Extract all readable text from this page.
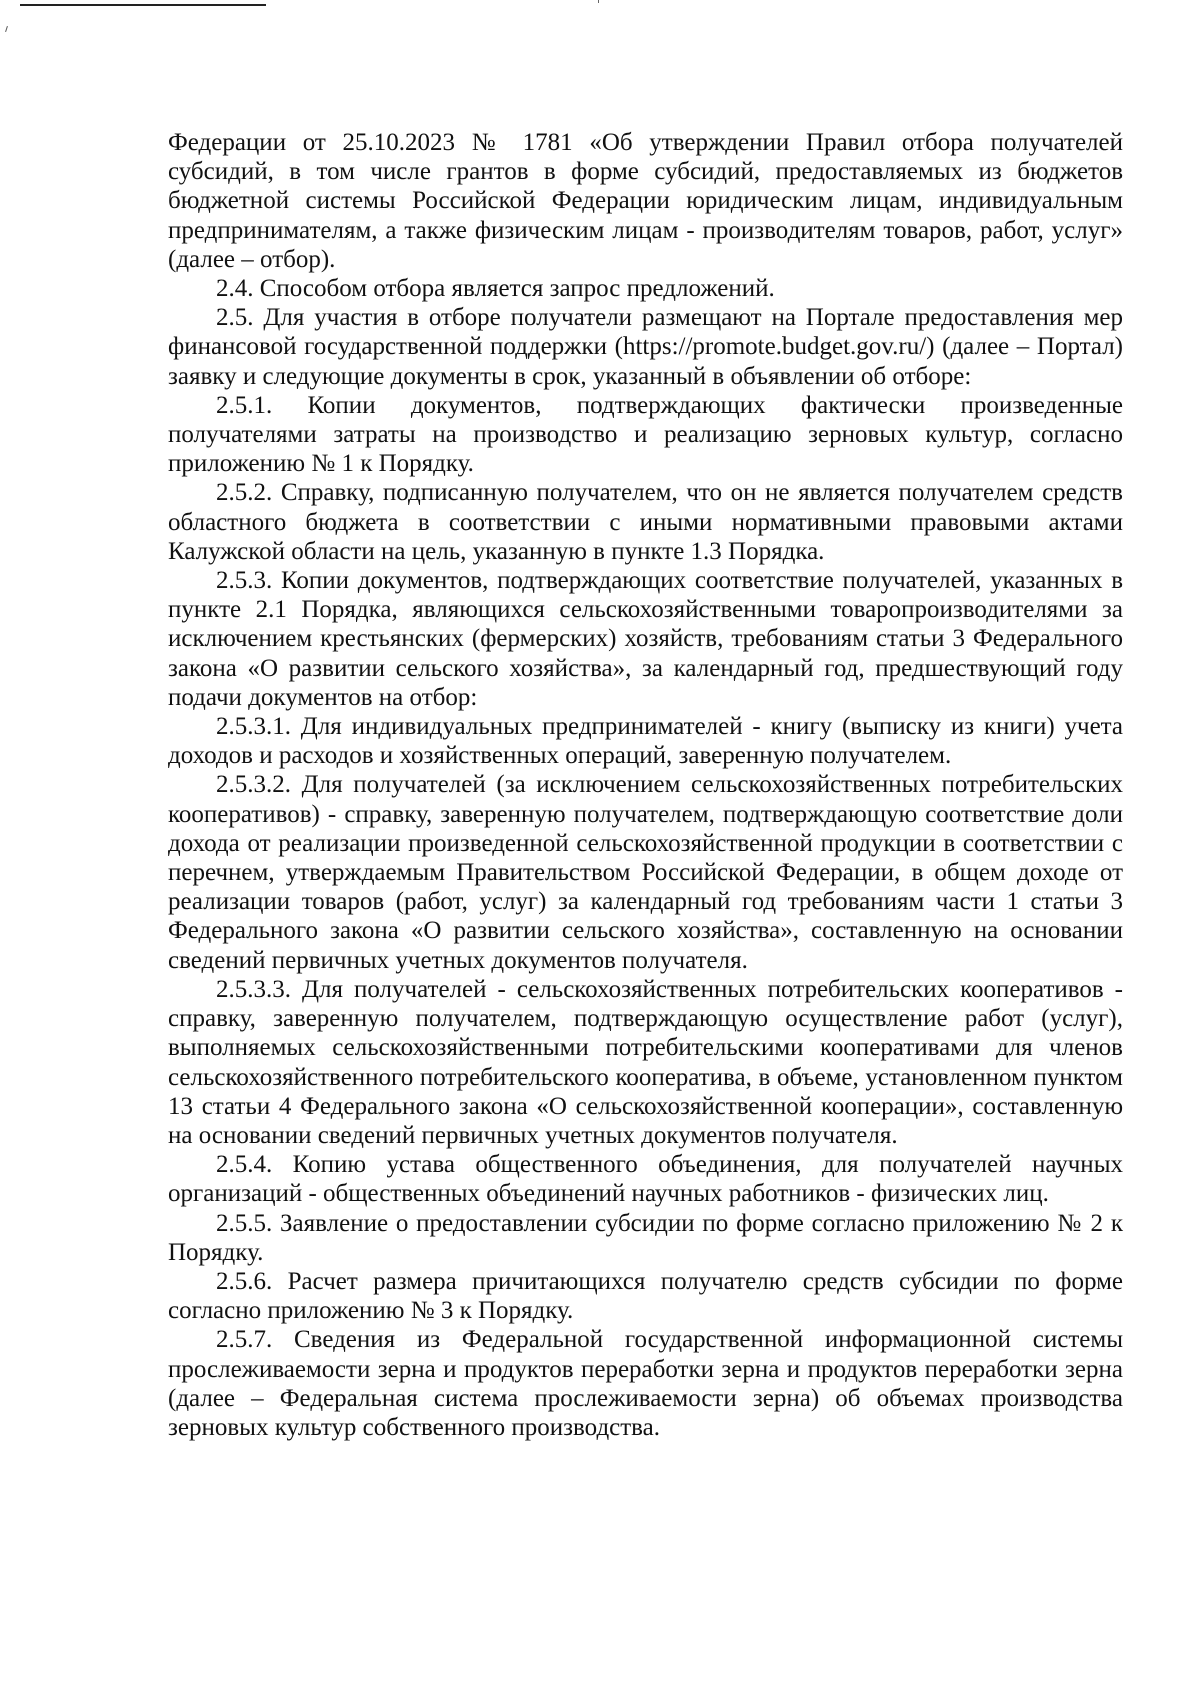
Федерации от 25.10.2023 № 1781 «Об утверждении Правил отбора получателей субсидий, в том числе грантов в форме субсидий, предоставляемых из бюджетов бюджетной системы Российской Федерации юридическим лицам, индивидуальным предпринимателям, а также физическим лицам - производителям товаров, работ, услуг» (далее – отбор).

2.4. Способом отбора является запрос предложений.

2.5. Для участия в отборе получатели размещают на Портале предоставления мер финансовой государственной поддержки (https://promote.budget.gov.ru/) (далее – Портал) заявку и следующие документы в срок, указанный в объявлении об отборе:

2.5.1. Копии документов, подтверждающих фактически произведенные получателями затраты на производство и реализацию зерновых культур, согласно приложению № 1 к Порядку.

2.5.2. Справку, подписанную получателем, что он не является получателем средств областного бюджета в соответствии с иными нормативными правовыми актами Калужской области на цель, указанную в пункте 1.3 Порядка.

2.5.3. Копии документов, подтверждающих соответствие получателей, указанных в пункте 2.1 Порядка, являющихся сельскохозяйственными товаропроизводителями за исключением крестьянских (фермерских) хозяйств, требованиям статьи 3 Федерального закона «О развитии сельского хозяйства», за календарный год, предшествующий году подачи документов на отбор:

2.5.3.1. Для индивидуальных предпринимателей - книгу (выписку из книги) учета доходов и расходов и хозяйственных операций, заверенную получателем.

2.5.3.2. Для получателей (за исключением сельскохозяйственных потребительских кооперативов) - справку, заверенную получателем, подтверждающую соответствие доли дохода от реализации произведенной сельскохозяйственной продукции в соответствии с перечнем, утверждаемым Правительством Российской Федерации, в общем доходе от реализации товаров (работ, услуг) за календарный год требованиям части 1 статьи 3 Федерального закона «О развитии сельского хозяйства», составленную на основании сведений первичных учетных документов получателя.

2.5.3.3. Для получателей - сельскохозяйственных потребительских кооперативов - справку, заверенную получателем, подтверждающую осуществление работ (услуг), выполняемых сельскохозяйственными потребительскими кооперативами для членов сельскохозяйственного потребительского кооператива, в объеме, установленном пунктом 13 статьи 4 Федерального закона «О сельскохозяйственной кооперации», составленную на основании сведений первичных учетных документов получателя.

2.5.4. Копию устава общественного объединения, для получателей научных организаций - общественных объединений научных работников - физических лиц.

2.5.5. Заявление о предоставлении субсидии по форме согласно приложению № 2 к Порядку.

2.5.6. Расчет размера причитающихся получателю средств субсидии по форме согласно приложению № 3 к Порядку.

2.5.7. Сведения из Федеральной государственной информационной системы прослеживаемости зерна и продуктов переработки зерна и продуктов переработки зерна (далее – Федеральная система прослеживаемости зерна) об объемах производства зерновых культур собственного производства.
